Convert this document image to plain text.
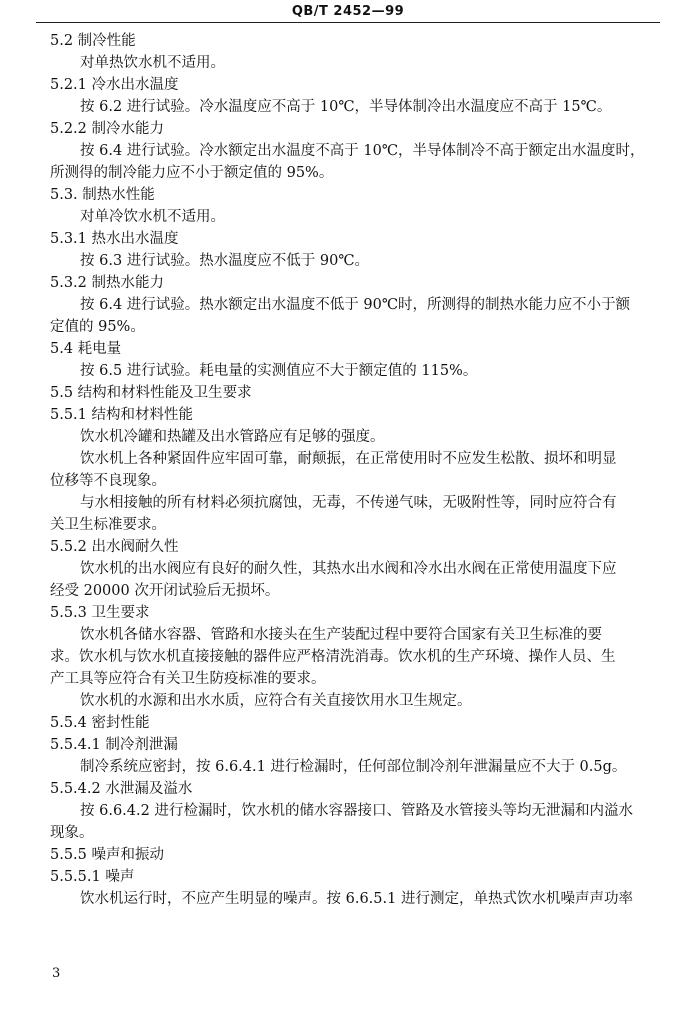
QB/T 2452—99
5.2 制冷性能
对单热饮水机不适用。
5.2.1 冷水出水温度
按 6.2 进行试验。冷水温度应不高于 10℃，半导体制冷出水温度应不高于 15℃。
5.2.2 制冷水能力
按 6.4 进行试验。冷水额定出水温度不高于 10℃，半导体制冷不高于额定出水温度时，
所测得的制冷能力应不小于额定值的 95%。
5.3. 制热水性能
对单冷饮水机不适用。
5.3.1 热水出水温度
按 6.3 进行试验。热水温度应不低于 90℃。
5.3.2 制热水能力
按 6.4 进行试验。热水额定出水温度不低于 90℃时，所测得的制热水能力应不小于额
定值的 95%。
5.4 耗电量
按 6.5 进行试验。耗电量的实测值应不大于额定值的 115%。
5.5 结构和材料性能及卫生要求
5.5.1 结构和材料性能
饮水机冷罐和热罐及出水管路应有足够的强度。
饮水机上各种紧固件应牢固可靠，耐颠振，在正常使用时不应发生松散、损坏和明显
位移等不良现象。
与水相接触的所有材料必须抗腐蚀，无毒，不传递气味，无吸附性等，同时应符合有
关卫生标准要求。
5.5.2 出水阀耐久性
饮水机的出水阀应有良好的耐久性，其热水出水阀和冷水出水阀在正常使用温度下应
经受 20000 次开闭试验后无损坏。
5.5.3 卫生要求
饮水机各储水容器、管路和水接头在生产装配过程中要符合国家有关卫生标准的要
求。饮水机与饮水机直接接触的器件应严格清洗消毒。饮水机的生产环境、操作人员、生
产工具等应符合有关卫生防疫标准的要求。
饮水机的水源和出水水质，应符合有关直接饮用水卫生规定。
5.5.4 密封性能
5.5.4.1 制冷剂泄漏
制冷系统应密封，按 6.6.4.1 进行检漏时，任何部位制冷剂年泄漏量应不大于 0.5g。
5.5.4.2 水泄漏及溢水
按 6.6.4.2 进行检漏时，饮水机的储水容器接口、管路及水管接头等均无泄漏和内溢水
现象。
5.5.5 噪声和振动
5.5.5.1 噪声
饮水机运行时，不应产生明显的噪声。按 6.6.5.1 进行测定，单热式饮水机噪声声功率
3
